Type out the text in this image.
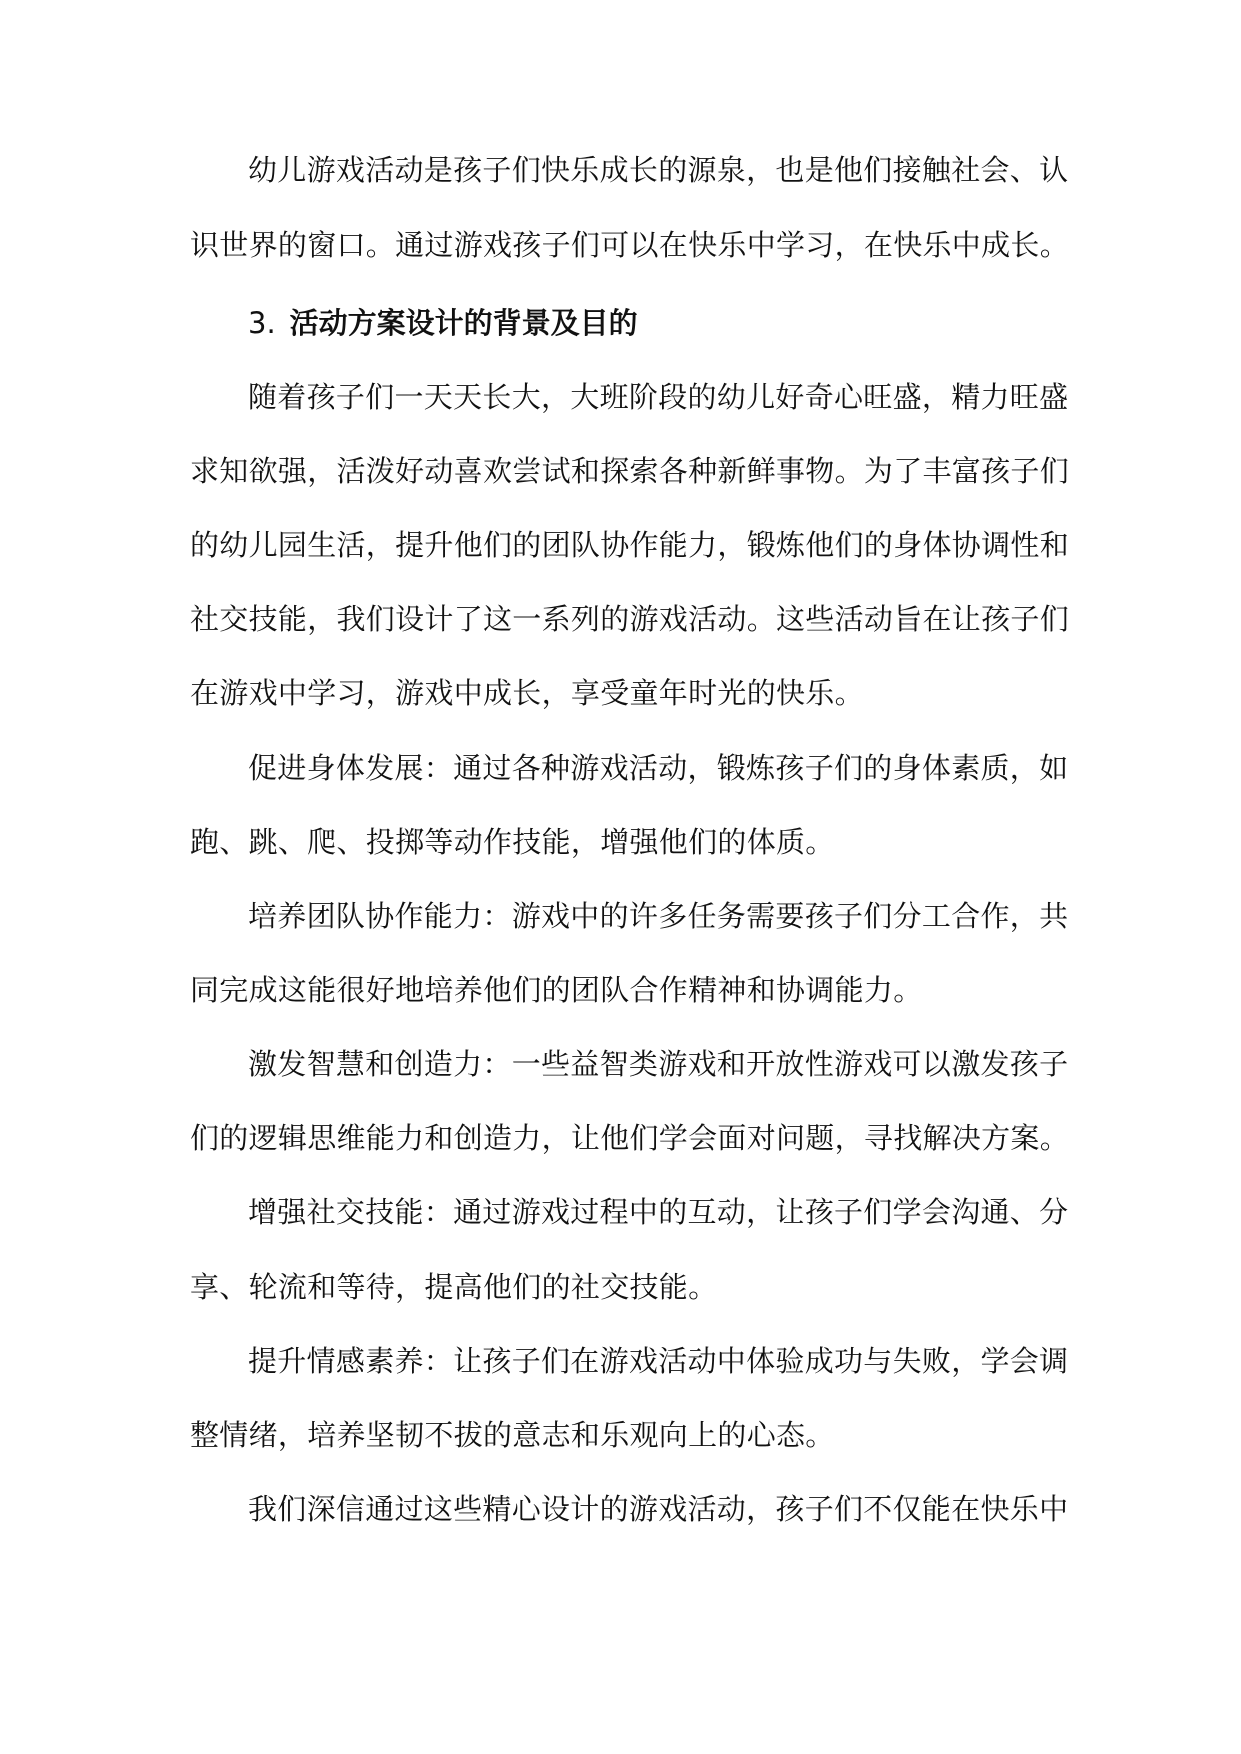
幼儿游戏活动是孩子们快乐成长的源泉，也是他们接触社会、认
识世界的窗口。通过游戏孩子们可以在快乐中学习，在快乐中成长。
3. 活动方案设计的背景及目的
随着孩子们一天天长大，大班阶段的幼儿好奇心旺盛，精力旺盛
求知欲强，活泼好动喜欢尝试和探索各种新鲜事物。为了丰富孩子们
的幼儿园生活，提升他们的团队协作能力，锻炼他们的身体协调性和
社交技能，我们设计了这一系列的游戏活动。这些活动旨在让孩子们
在游戏中学习，游戏中成长，享受童年时光的快乐。
促进身体发展：通过各种游戏活动，锻炼孩子们的身体素质，如
跑、跳、爬、投掷等动作技能，增强他们的体质。
培养团队协作能力：游戏中的许多任务需要孩子们分工合作，共
同完成这能很好地培养他们的团队合作精神和协调能力。
激发智慧和创造力：一些益智类游戏和开放性游戏可以激发孩子
们的逻辑思维能力和创造力，让他们学会面对问题，寻找解决方案。
增强社交技能：通过游戏过程中的互动，让孩子们学会沟通、分
享、轮流和等待，提高他们的社交技能。
提升情感素养：让孩子们在游戏活动中体验成功与失败，学会调
整情绪，培养坚韧不拔的意志和乐观向上的心态。
我们深信通过这些精心设计的游戏活动，孩子们不仅能在快乐中
